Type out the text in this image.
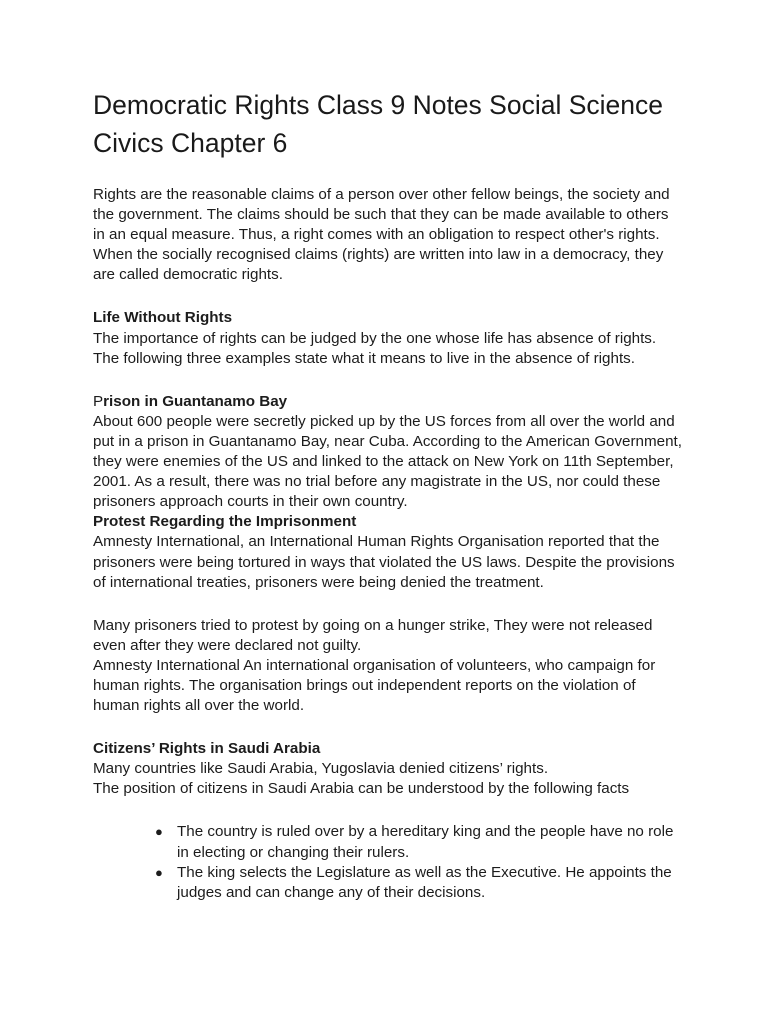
Democratic Rights Class 9 Notes Social Science Civics Chapter 6

Rights are the reasonable claims of a person over other fellow beings, the society and the government. The claims should be such that they can be made available to others in an equal measure. Thus, a right comes with an obligation to respect other's rights. When the socially recognised claims (rights) are written into law in a democracy, they are called democratic rights.

Life Without Rights

The importance of rights can be judged by the one whose life has absence of rights. The following three examples state what it means to live in the absence of rights.

Prison in Guantanamo Bay

About 600 people were secretly picked up by the US forces from all over the world and put in a prison in Guantanamo Bay, near Cuba. According to the American Government, they were enemies of the US and linked to the attack on New York on 11th September, 2001. As a result, there was no trial before any magistrate in the US, nor could these prisoners approach courts in their own country.

Protest Regarding the Imprisonment

Amnesty International, an International Human Rights Organisation reported that the prisoners were being tortured in ways that violated the US laws. Despite the provisions of international treaties, prisoners were being denied the treatment.

Many prisoners tried to protest by going on a hunger strike, They were not released even after they were declared not guilty.

Amnesty International An international organisation of volunteers, who campaign for human rights. The organisation brings out independent reports on the violation of human rights all over the world.

Citizens’ Rights in Saudi Arabia

Many countries like Saudi Arabia, Yugoslavia denied citizens’ rights.

The position of citizens in Saudi Arabia can be understood by the following facts

● The country is ruled over by a hereditary king and the people have no role in electing or changing their rulers.
● The king selects the Legislature as well as the Executive. He appoints the judges and can change any of their decisions.
